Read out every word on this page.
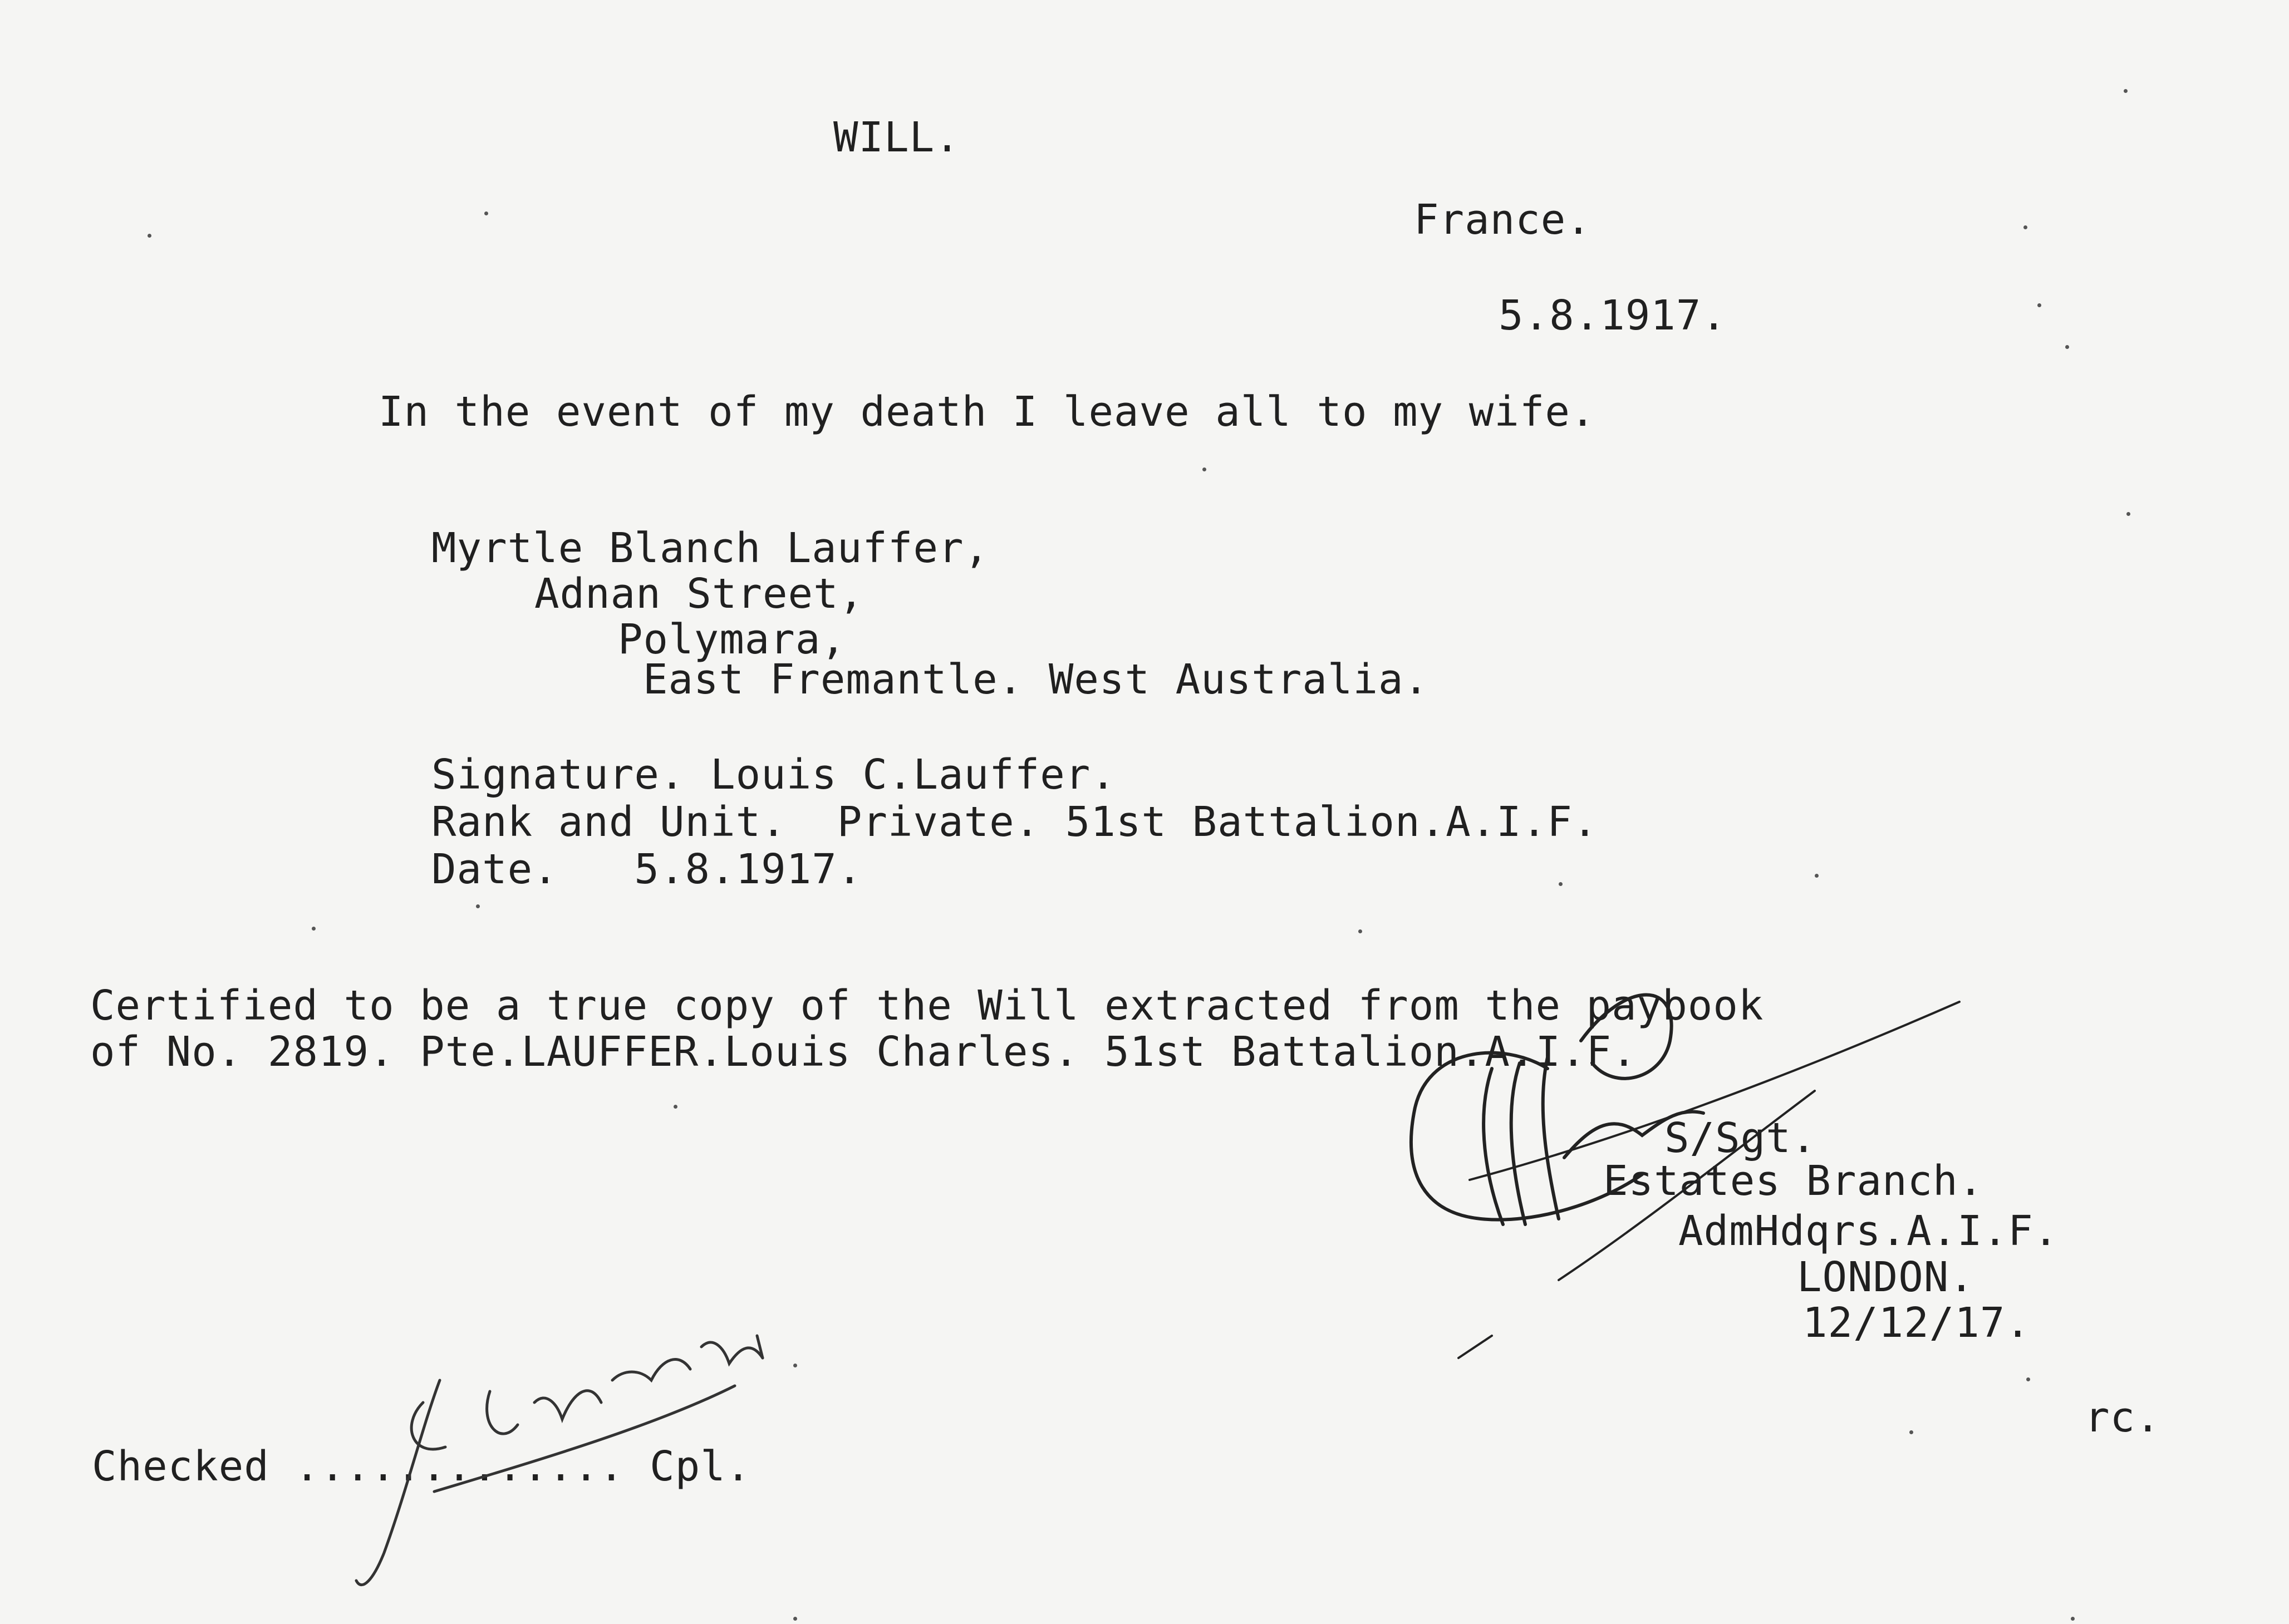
WILL.
France.
5.8.1917.
In the event of my death I leave all to my wife.
Myrtle Blanch Lauffer,
Adnan Street,
Polymara,
East Fremantle. West Australia.
Signature. Louis C.Lauffer.
Rank and Unit.  Private. 51st Battalion.A.I.F.
Date.   5.8.1917.
Certified to be a true copy of the Will extracted from the paybook
of No. 2819. Pte.LAUFFER.Louis Charles. 51st Battalion.A.I.F.
S/Sgt.
Estates Branch.
AdmHdqrs.A.I.F.
LONDON.
12/12/17.
rc.
Checked ............. Cpl.
